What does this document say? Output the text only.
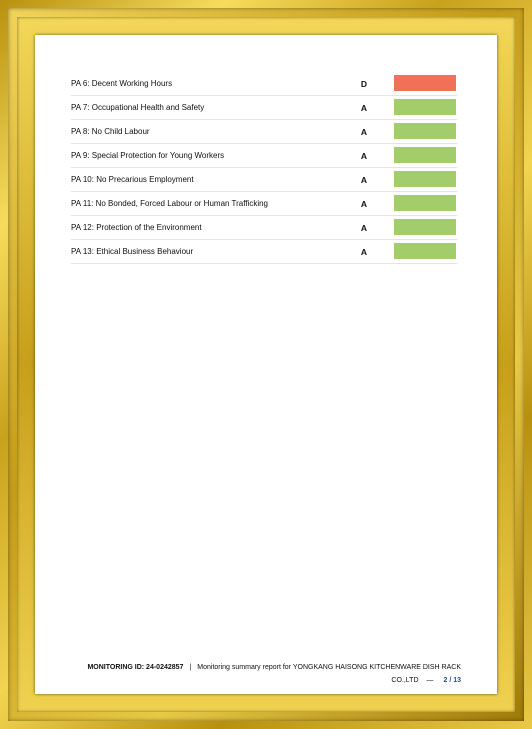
PA 6: Decent Working Hours	D
PA 7: Occupational Health and Safety	A
PA 8: No Child Labour	A
PA 9: Special Protection for Young Workers	A
PA 10: No Precarious Employment	A
PA 11: No Bonded, Forced Labour or Human Trafficking	A
PA 12: Protection of the Environment	A
PA 13: Ethical Business Behaviour	A
MONITORING ID: 24-0242857 | Monitoring summary report for YONGKANG HAISONG KITCHENWARE DISH RACK
CO.,LTD — 2 / 13
